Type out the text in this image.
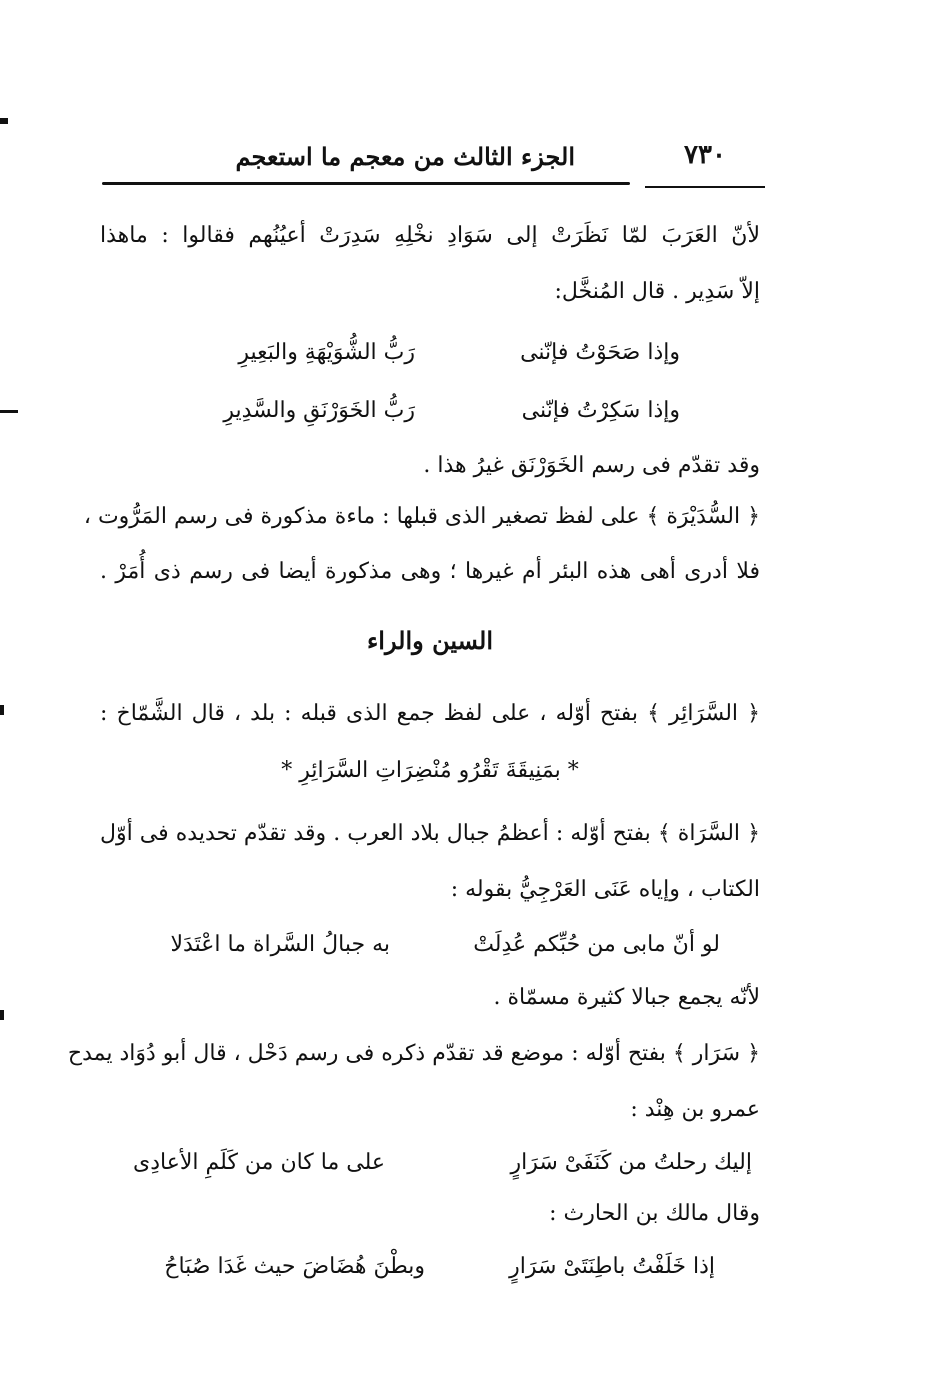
٧٣٠
الجزء الثالث من معجم ما استعجم
لأنّ العَرَبَ لمّا نَظَرَتْ إلى سَوَادِ نخْلِهِ سَدِرَتْ أعيُنُهم فقالوا : ماهذا
إلاّ سَدِير . قال المُنخَّل:
وإذا صَحَوْتُ فإنّنى
رَبُّ الشُّوَيْهَةِ والبَعِيرِ
وإذا سَكِرْتُ فإنّنى
رَبُّ الخَوَرْنَقِ والسَّدِيرِ
وقد تقدّم فى رسم الخَوَرْنَق غيرُ هذا .
﴿ السُّدَيْرَة ﴾ على لفظ تصغير الذى قبلها : ماءة مذكورة فى رسم المَرُّوت ،
فلا أدرى أهى هذه البئر أم غيرها ؛ وهى مذكورة أيضا فى رسم ذى أُمَرْ .
السين والراء
﴿ السَّرَائِر ﴾ بفتح أوّله ، على لفظ جمع الذى قبله : بلد ، قال الشَّمّاخ :
* بمَنِيقَةَ تَقْرُو مُنْضِرَاتِ السَّرَائِرِ *
﴿ السَّرَاة ﴾ بفتح أوّله : أعظمُ جبال بلاد العرب . وقد تقدّم تحديده فى أوّل
الكتاب ، وإياه عَنَى العَرْجِيُّ بقوله :
لو أنّ مابى من حُبِّكم عُدِلَتْ
به جبالُ السَّراة ما اعْتَدَلا
لأنّه يجمع جبالا كثيرة مسمّاة .
﴿ سَرَار ﴾ بفتح أوّله : موضع قد تقدّم ذكره فى رسم دَحْل ، قال أبو دُوَاد يمدح
عمرو بن هِنْد :
إليك رحلتُ من كَنَفَىْ سَرَارٍ
على ما كان من كَلَمِ الأعادِى
وقال مالك بن الحارث :
إذا خَلَفْتُ باطِنَتَىْ سَرَارٍ
وبطْنَ هُضَاضَ حيث غَدَا صُبَاحُ
